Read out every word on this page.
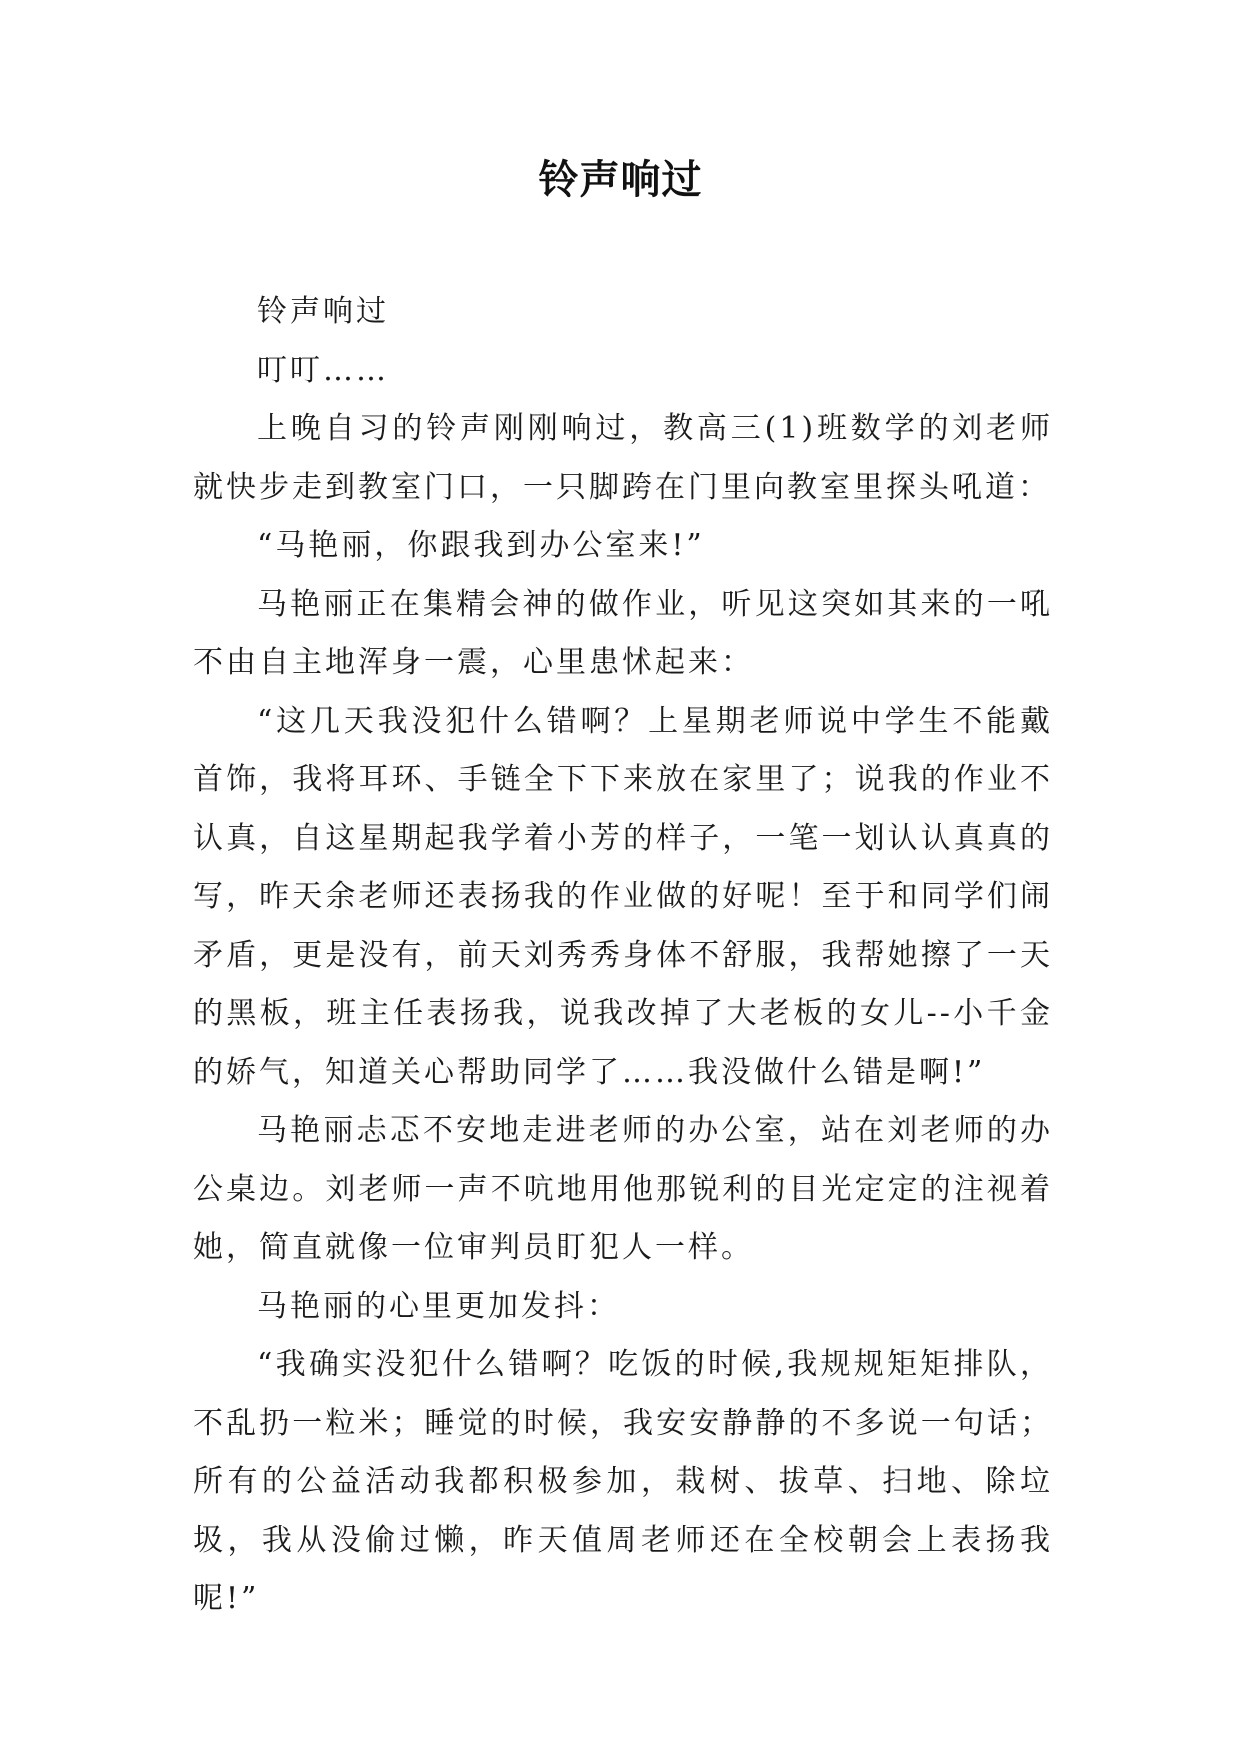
铃声响过

铃声响过

叮叮……

上晚自习的铃声刚刚响过，教高三(1)班数学的刘老师就快步走到教室门口，一只脚跨在门里向教室里探头吼道：

“马艳丽，你跟我到办公室来!”

马艳丽正在集精会神的做作业，听见这突如其来的一吼不由自主地浑身一震，心里患怵起来：

“这几天我没犯什么错啊？上星期老师说中学生不能戴首饰，我将耳环、手链全下下来放在家里了；说我的作业不认真，自这星期起我学着小芳的样子，一笔一划认认真真的写，昨天余老师还表扬我的作业做的好呢！至于和同学们闹矛盾，更是没有，前天刘秀秀身体不舒服，我帮她擦了一天的黑板，班主任表扬我，说我改掉了大老板的女儿--小千金的娇气，知道关心帮助同学了……我没做什么错是啊!”

马艳丽忐忑不安地走进老师的办公室，站在刘老师的办公桌边。刘老师一声不吭地用他那锐利的目光定定的注视着她，简直就像一位审判员盯犯人一样。

马艳丽的心里更加发抖：

“我确实没犯什么错啊？吃饭的时候,我规规矩矩排队，不乱扔一粒米；睡觉的时候，我安安静静的不多说一句话；所有的公益活动我都积极参加，栽树、拔草、扫地、除垃圾，我从没偷过懒，昨天值周老师还在全校朝会上表扬我呢!”
